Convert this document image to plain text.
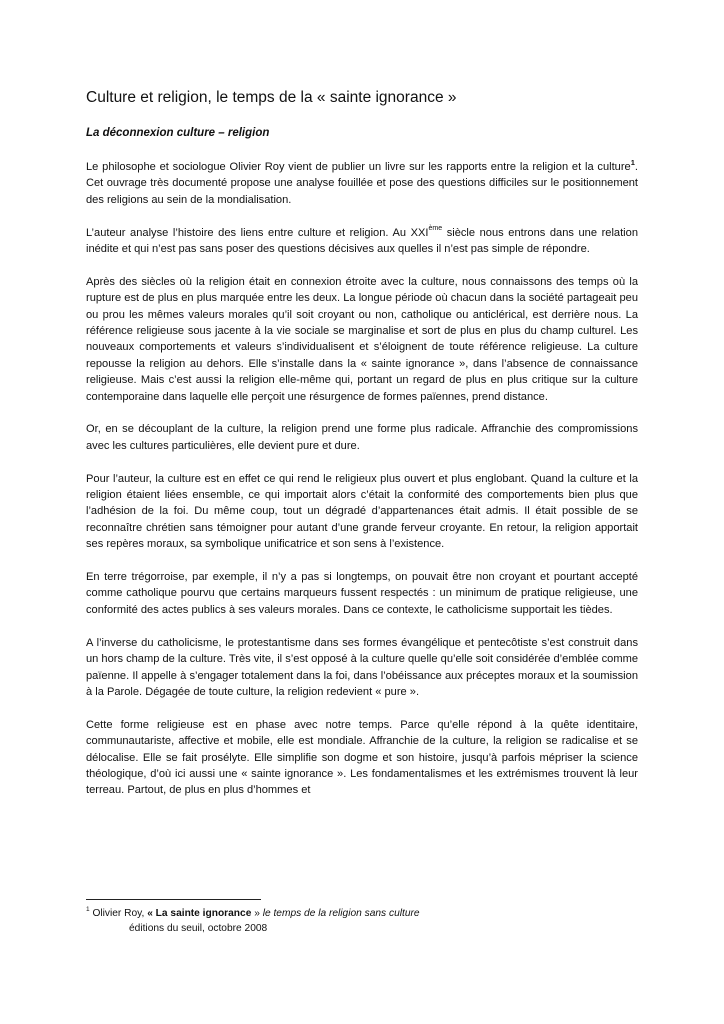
Culture et religion, le temps de la « sainte ignorance »
La déconnexion culture – religion

Le philosophe et sociologue Olivier Roy vient de publier un livre sur les rapports entre la religion et la culture$^1$. Cet ouvrage très documenté propose une analyse fouillée et pose des questions difficiles sur le positionnement des religions au sein de la mondialisation.

L’auteur analyse l’histoire des liens entre culture et religion. Au XXIème siècle nous entrons dans une relation inédite et qui n’est pas sans poser des questions décisives aux quelles il n’est pas simple de répondre.

Après des siècles où la religion était en connexion étroite avec la culture, nous connaissons des temps où la rupture est de plus en plus marquée entre les deux. La longue période où chacun dans la société partageait peu ou prou les mêmes valeurs morales qu’il soit croyant ou non, catholique ou anticlérical, est derrière nous. La référence religieuse sous jacente à la vie sociale se marginalise et sort de plus en plus du champ culturel. Les nouveaux comportements et valeurs s’individualisent et s’éloignent de toute référence religieuse. La culture repousse la religion au dehors. Elle s’installe dans la « sainte ignorance », dans l’absence de connaissance religieuse. Mais c’est aussi la religion elle-même qui, portant un regard de plus en plus critique sur la culture contemporaine dans laquelle elle perçoit une résurgence de formes païennes, prend distance.

Or, en se découplant de la culture, la religion prend une forme plus radicale. Affranchie des compromissions avec les cultures particulières, elle devient pure et dure.

Pour l’auteur, la culture est en effet ce qui rend le religieux plus ouvert et plus englobant. Quand la culture et la religion étaient liées ensemble, ce qui importait alors c’était la conformité des comportements bien plus que l’adhésion de la foi. Du même coup, tout un dégradé d’appartenances était admis. Il était possible de se reconnaître chrétien sans témoigner pour autant d’une grande ferveur croyante. En retour, la religion apportait ses repères moraux, sa symbolique unificatrice et son sens à l’existence.

En terre trégorroise, par exemple, il n’y a pas si longtemps, on pouvait être non croyant et pourtant accepté comme catholique pourvu que certains marqueurs fussent respectés : un minimum de pratique religieuse, une conformité des actes publics à ses valeurs morales. Dans ce contexte, le catholicisme supportait les tièdes.

A l’inverse du catholicisme, le protestantisme dans ses formes évangélique et pentecôtiste s’est construit dans un hors champ de la culture. Très vite, il s’est opposé à la culture quelle qu’elle soit considérée d’emblée comme païenne. Il appelle à s’engager totalement dans la foi, dans l’obéissance aux préceptes moraux et la soumission à la Parole. Dégagée de toute culture, la religion redevient « pure ».

Cette forme religieuse est en phase avec notre temps. Parce qu’elle répond à la quête identitaire, communautariste, affective et mobile, elle est mondiale. Affranchie de la culture, la religion se radicalise et se délocalise. Elle se fait prosélyte. Elle simplifie son dogme et son histoire, jusqu’à parfois mépriser la science théologique, d’où ici aussi une « sainte ignorance ». Les fondamentalismes et les extrémismes trouvent là leur terreau. Partout, de plus en plus d’hommes et

$^1$ Olivier Roy, « La sainte ignorance » le temps de la religion sans culture
éditions du seuil, octobre 2008
